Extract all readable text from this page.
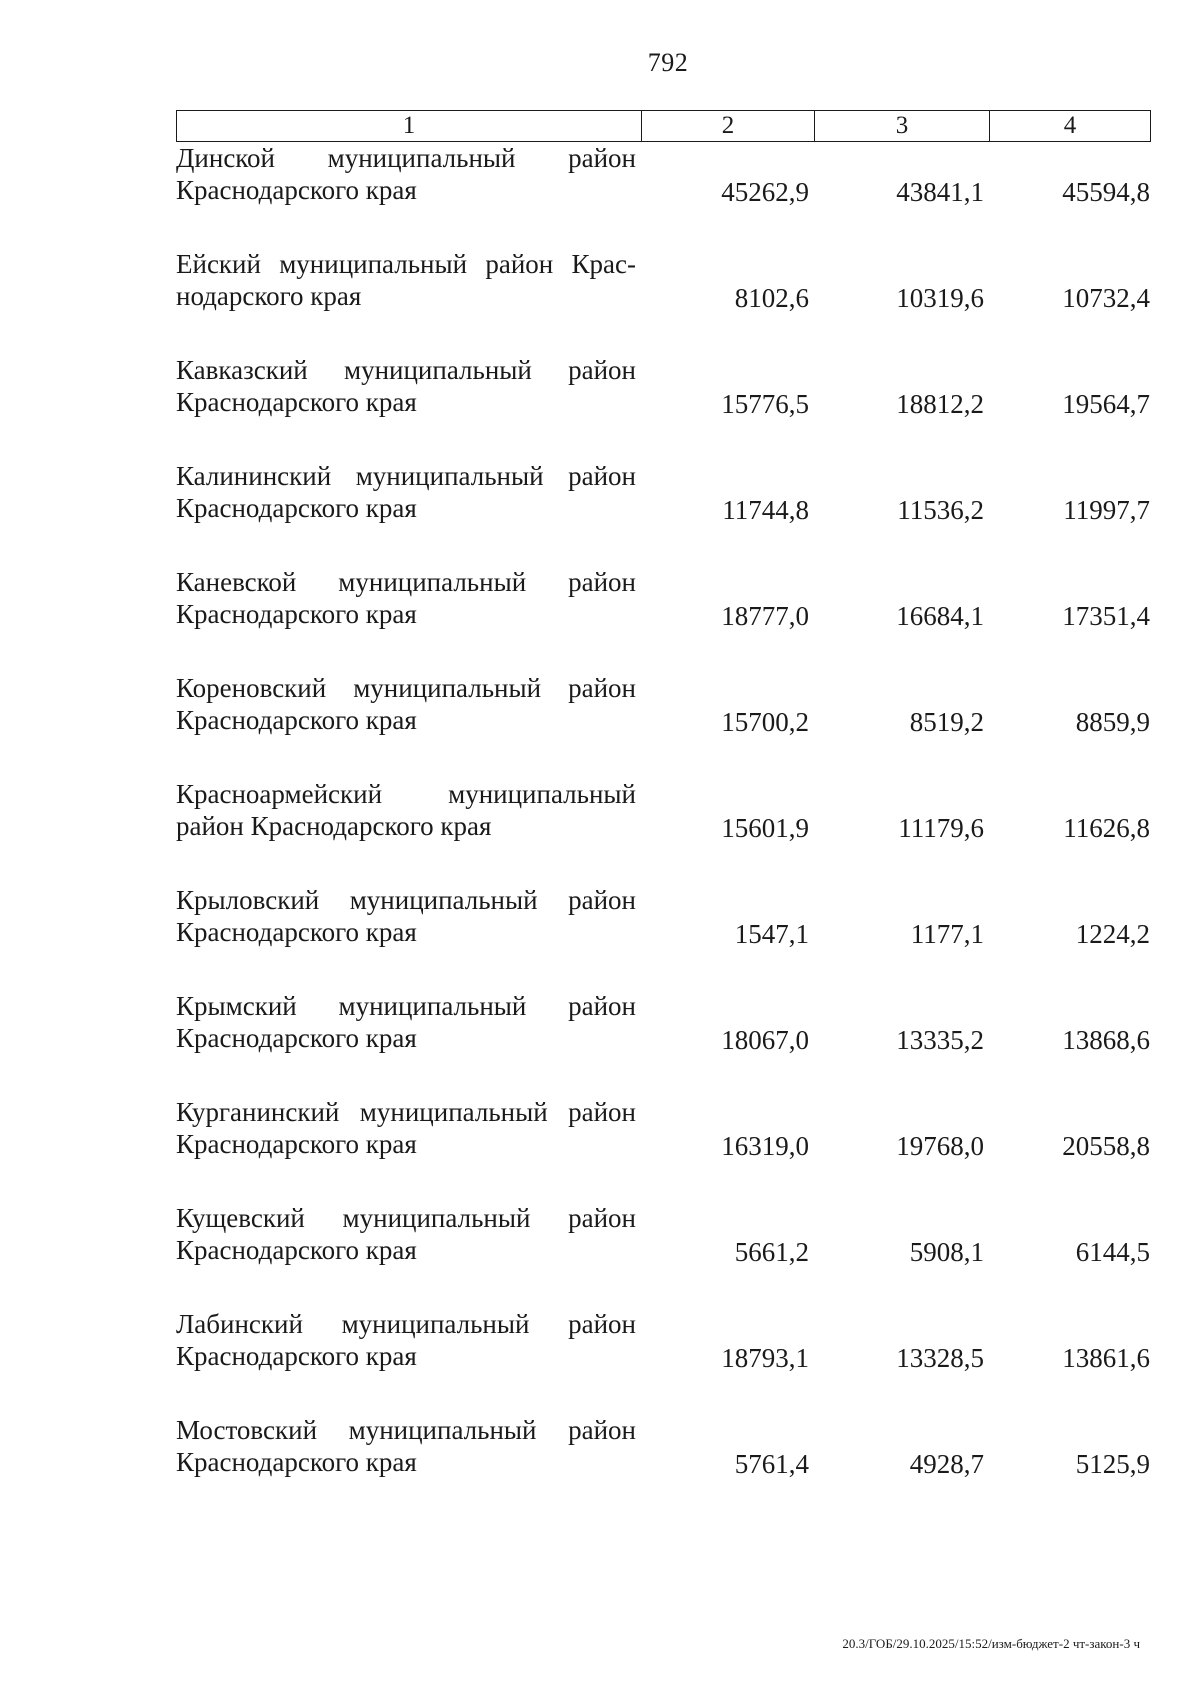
792
1	2	3	4
Динской муниципальный район
Краснодарского края	45262,9	43841,1	45594,8
Ейский муниципальный район Крас-
нодарского края	8102,6	10319,6	10732,4
Кавказский муниципальный район
Краснодарского края	15776,5	18812,2	19564,7
Калининский муниципальный район
Краснодарского края	11744,8	11536,2	11997,7
Каневской муниципальный район
Краснодарского края	18777,0	16684,1	17351,4
Кореновский муниципальный район
Краснодарского края	15700,2	8519,2	8859,9
Красноармейский муниципальный
район Краснодарского края	15601,9	11179,6	11626,8
Крыловский муниципальный район
Краснодарского края	1547,1	1177,1	1224,2
Крымский муниципальный район
Краснодарского края	18067,0	13335,2	13868,6
Курганинский муниципальный район
Краснодарского края	16319,0	19768,0	20558,8
Кущевский муниципальный район
Краснодарского края	5661,2	5908,1	6144,5
Лабинский муниципальный район
Краснодарского края	18793,1	13328,5	13861,6
Мостовский муниципальный район
Краснодарского края	5761,4	4928,7	5125,9
20.3/ГОБ/29.10.2025/15:52/изм-бюджет-2 чт-закон-3 ч
